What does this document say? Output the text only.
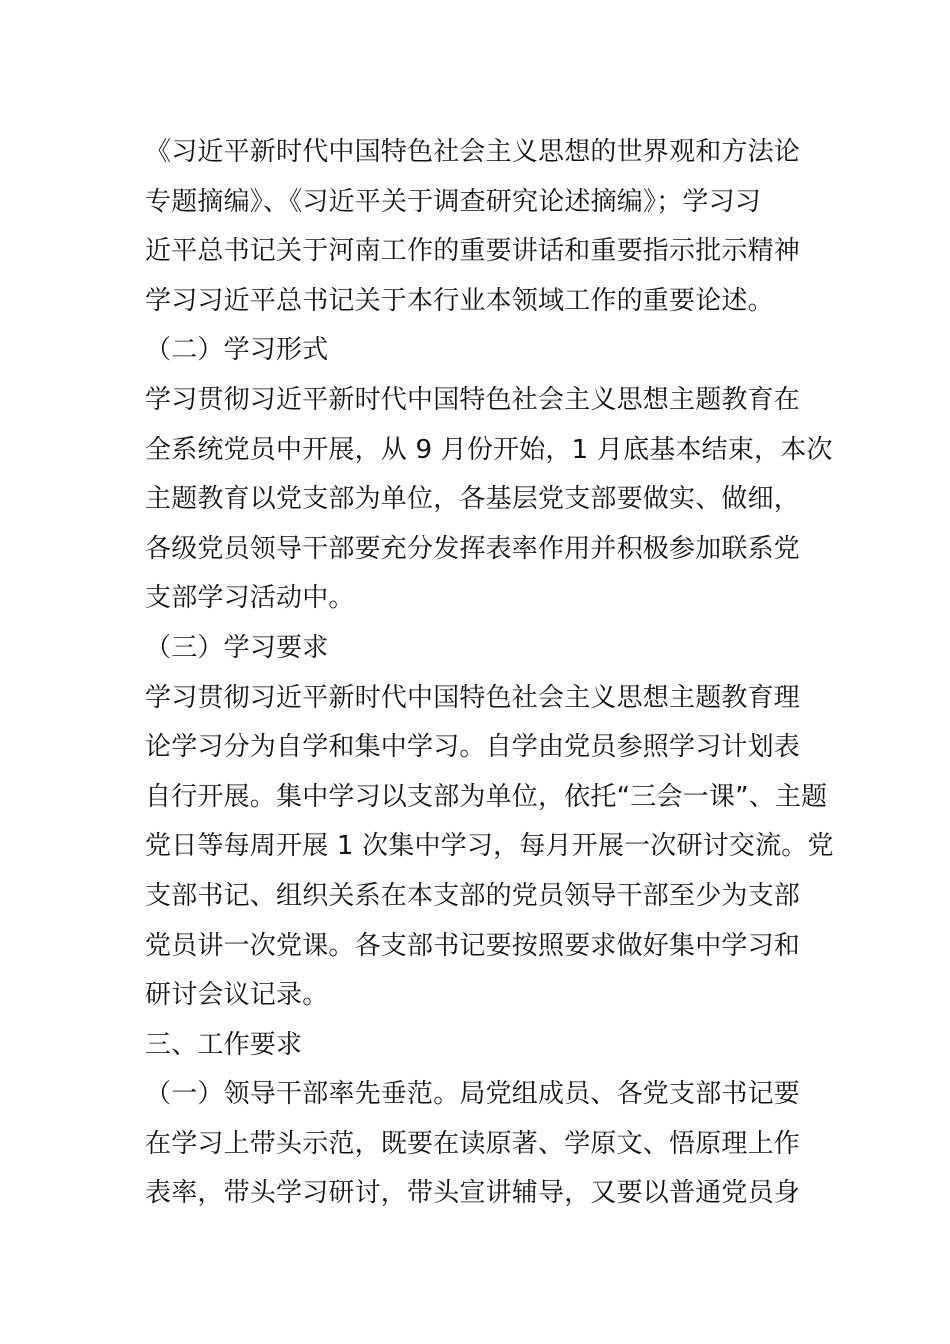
《习近平新时代中国特色社会主义思想的世界观和方法论
专题摘编》、《习近平关于调查研究论述摘编》；学习习
近平总书记关于河南工作的重要讲话和重要指示批示精神
学习习近平总书记关于本行业本领域工作的重要论述。
（二）学习形式
学习贯彻习近平新时代中国特色社会主义思想主题教育在
全系统党员中开展，从 9 月份开始，1 月底基本结束，本次
主题教育以党支部为单位，各基层党支部要做实、做细，
各级党员领导干部要充分发挥表率作用并积极参加联系党
支部学习活动中。
（三）学习要求
学习贯彻习近平新时代中国特色社会主义思想主题教育理
论学习分为自学和集中学习。自学由党员参照学习计划表
自行开展。集中学习以支部为单位，依托“三会一课”、主题
党日等每周开展 1 次集中学习，每月开展一次研讨交流。党
支部书记、组织关系在本支部的党员领导干部至少为支部
党员讲一次党课。各支部书记要按照要求做好集中学习和
研讨会议记录。
三、工作要求
（一）领导干部率先垂范。局党组成员、各党支部书记要
在学习上带头示范，既要在读原著、学原文、悟原理上作
表率，带头学习研讨，带头宣讲辅导，又要以普通党员身
